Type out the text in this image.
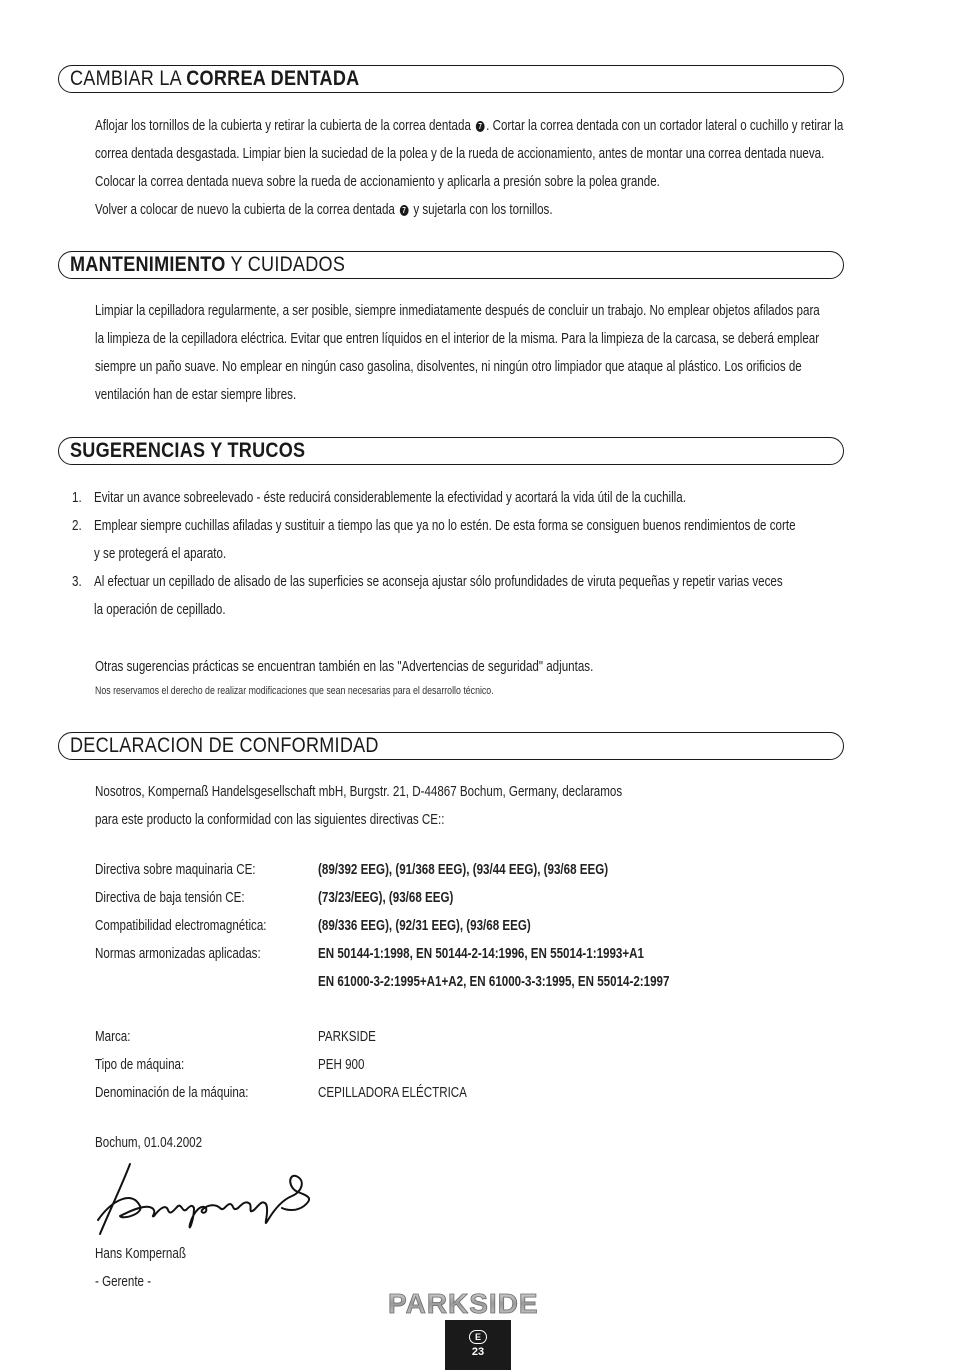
CAMBIAR LA CORREA DENTADA
Aflojar los tornillos de la cubierta y retirar la cubierta de la correa dentada 7 . Cortar la correa dentada con un cortador lateral o cuchillo y retirar la
correa dentada desgastada. Limpiar bien la suciedad de la polea y de la rueda de accionamiento, antes de montar una correa dentada nueva.
Colocar la correa dentada nueva sobre la rueda de accionamiento y aplicarla a presión sobre la polea grande.
Volver a colocar de nuevo la cubierta de la correa dentada 7 y sujetarla con los tornillos.
MANTENIMIENTO Y CUIDADOS
Limpiar la cepilladora regularmente, a ser posible, siempre inmediatamente después de concluir un trabajo. No emplear objetos afilados para
la limpieza de la cepilladora eléctrica. Evitar que entren líquidos en el interior de la misma. Para la limpieza de la carcasa, se deberá emplear
siempre un paño suave. No emplear en ningún caso gasolina, disolventes, ni ningún otro limpiador que ataque al plástico. Los orificios de
ventilación han de estar siempre libres.
SUGERENCIAS Y TRUCOS
1. Evitar un avance sobreelevado - éste reducirá considerablemente la efectividad y acortará la vida útil de la cuchilla.
2. Emplear siempre cuchillas afiladas y sustituir a tiempo las que ya no lo estén. De esta forma se consiguen buenos rendimientos de corte
y se protegerá el aparato.
3. Al efectuar un cepillado de alisado de las superficies se aconseja ajustar sólo profundidades de viruta pequeñas y repetir varias veces
la operación de cepillado.
Otras sugerencias prácticas se encuentran también en las "Advertencias de seguridad" adjuntas.
Nos reservamos el derecho de realizar modificaciones que sean necesarias para el desarrollo técnico.
DECLARACION DE CONFORMIDAD
Nosotros, Kompernaß Handelsgesellschaft mbH, Burgstr. 21, D-44867 Bochum, Germany, declaramos
para este producto la conformidad con las siguientes directivas CE::
Directiva sobre maquinaria CE:	(89/392 EEG), (91/368 EEG), (93/44 EEG), (93/68 EEG)
Directiva de baja tensión CE:	(73/23/EEG), (93/68 EEG)
Compatibilidad electromagnética:	(89/336 EEG), (92/31 EEG), (93/68 EEG)
Normas armonizadas aplicadas:	EN 50144-1:1998, EN 50144-2-14:1996, EN 55014-1:1993+A1
EN 61000-3-2:1995+A1+A2, EN 61000-3-3:1995, EN 55014-2:1997
Marca:	PARKSIDE
Tipo de máquina:	PEH 900
Denominación de la máquina:	CEPILLADORA ELÉCTRICA
Bochum, 01.04.2002
Hans Kompernaß
- Gerente -
PARKSIDE
E
23
